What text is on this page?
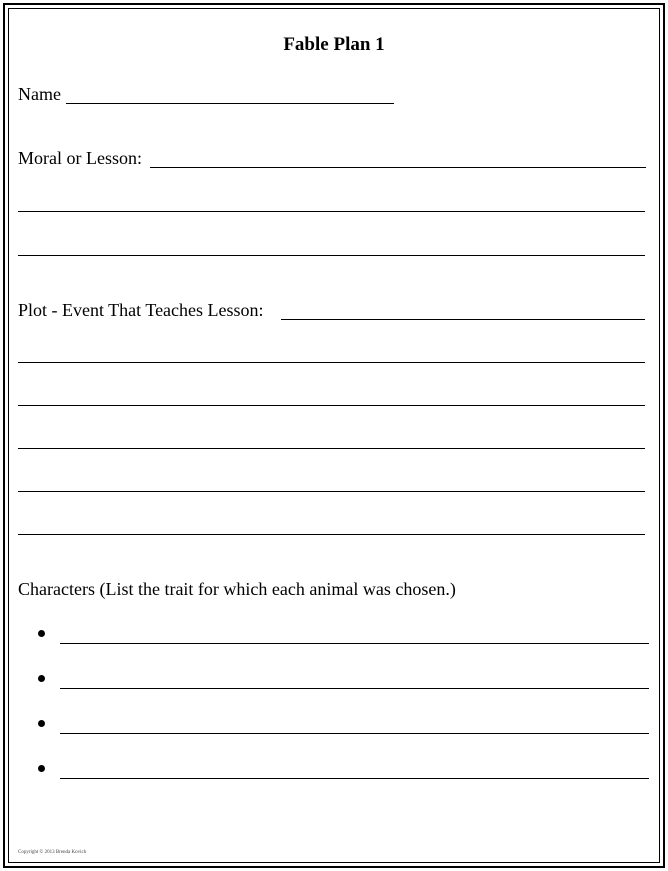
Fable Plan 1
Name
Moral or Lesson:
Plot - Event That Teaches Lesson:
Characters (List the trait for which each animal was chosen.)
Copyright © 2013 Brenda Kovich
